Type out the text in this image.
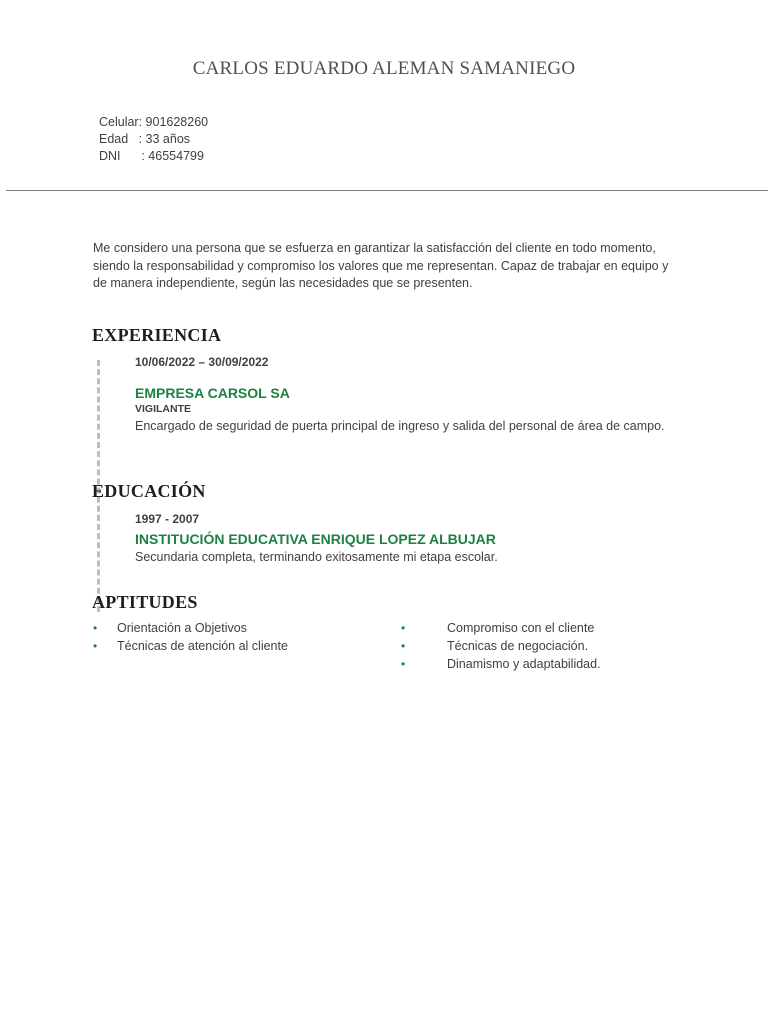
CARLOS EDUARDO ALEMAN SAMANIEGO
Celular: 901628260
Edad   : 33 años
DNI      : 46554799
Me considero una persona que se esfuerza en garantizar la satisfacción del cliente en todo momento, siendo la responsabilidad y compromiso los valores que me representan. Capaz de trabajar en equipo y de manera independiente, según las necesidades que se presenten.
EXPERIENCIA
10/06/2022 – 30/09/2022
EMPRESA CARSOL SA
VIGILANTE
Encargado de seguridad de puerta principal de ingreso y salida del personal de área de campo.
EDUCACIÓN
1997 - 2007
INSTITUCIÓN EDUCATIVA ENRIQUE LOPEZ ALBUJAR
Secundaria completa, terminando exitosamente mi etapa escolar.
APTITUDES
• Orientación a Objetivos
• Técnicas de atención al cliente
•	Compromiso con el cliente
•	Técnicas de negociación.
•	Dinamismo y adaptabilidad.
